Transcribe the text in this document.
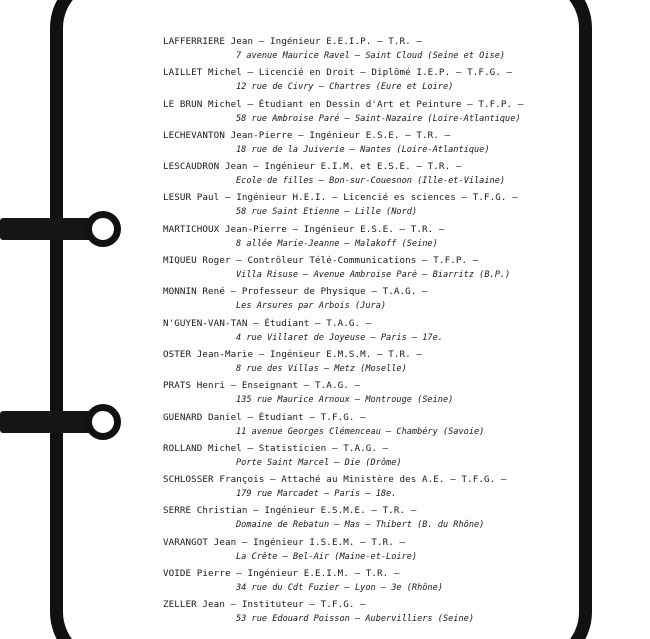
LAFFERRIERE Jean – Ingénieur E.E.I.P. – T.R. –
7 avenue Maurice Ravel – Saint Cloud (Seine et Oise)
LAILLET Michel – Licencié en Droit – Diplômé I.E.P. – T.F.G. –
12 rue de Civry – Chartres (Eure et Loire)
LE BRUN Michel – Étudiant en Dessin d'Art et Peinture – T.F.P. –
58 rue Ambroise Paré – Saint-Nazaire (Loire-Atlantique)
LECHEVANTON Jean-Pierre – Ingénieur E.S.E. – T.R. –
18 rue de la Juiverie – Nantes (Loire-Atlantique)
LESCAUDRON Jean – Ingénieur E.I.M. et E.S.E. – T.R. –
Ecole de filles – Bon-sur-Couesnon (Ille-et-Vilaine)
LESUR Paul – Ingénieur H.E.I. – Licencié es sciences – T.F.G. –
58 rue Saint Etienne – Lille (Nord)
MARTICHOUX Jean-Pierre – Ingénieur E.S.E. – T.R. –
8 allée Marie-Jeanne – Malakoff (Seine)
MIQUEU Roger – Contrôleur Télé-Communications – T.F.P. –
Villa Risuse – Avenue Ambroise Paré – Biarritz (B.P.)
MONNIN René – Professeur de Physique – T.A.G. –
Les Arsures par Arbois (Jura)
N'GUYEN-VAN-TAN – Étudiant – T.A.G. –
4 rue Villaret de Joyeuse – Paris – 17e.
OSTER Jean-Marie – Ingénieur E.M.S.M. – T.R. –
8 rue des Villas – Metz (Moselle)
PRATS Henri – Enseignant – T.A.G. –
135 rue Maurice Arnoux – Montrouge (Seine)
GUENARD Daniel – Étudiant – T.F.G. –
11 avenue Georges Clémenceau – Chambéry (Savoie)
ROLLAND Michel – Statisticien – T.A.G. –
Porte Saint Marcel – Die (Drôme)
SCHLOSSER François – Attaché au Ministère des A.E. – T.F.G. –
179 rue Marcadet – Paris – 18e.
SERRE Christian – Ingénieur E.S.M.E. – T.R. –
Domaine de Rebatun – Mas – Thibert (B. du Rhône)
VARANGOT Jean – Ingénieur I.S.E.M. – T.R. –
La Crête – Bel-Air (Maine-et-Loire)
VOIDE Pierre – Ingénieur E.E.I.M. – T.R. –
34 rue du Cdt Fuzier – Lyon – 3e (Rhône)
ZELLER Jean – Instituteur – T.F.G. –
53 rue Edouard Poisson – Aubervilliers (Seine)
